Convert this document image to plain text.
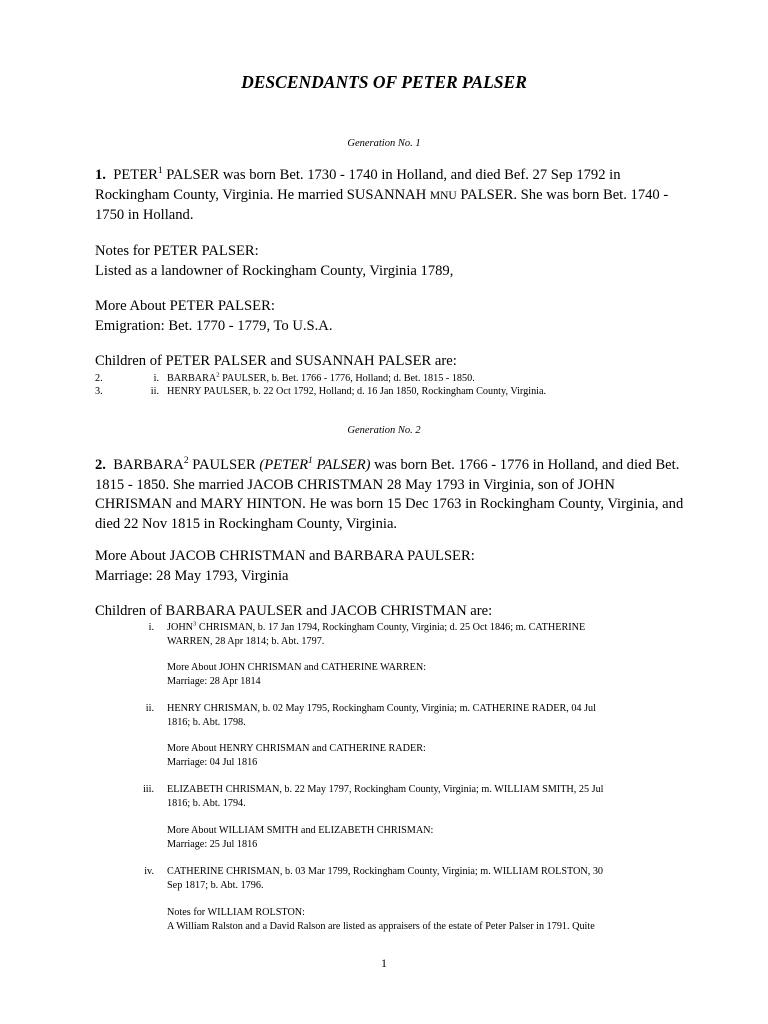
DESCENDANTS OF PETER PALSER
Generation No. 1
1. PETER$^1$ PALSER was born Bet. 1730 - 1740 in Holland, and died Bef. 27 Sep 1792 in Rockingham County, Virginia. He married SUSANNAH MNU PALSER. She was born Bet. 1740 - 1750 in Holland.
Notes for PETER PALSER:
Listed as a landowner of Rockingham County, Virginia 1789,
More About PETER PALSER:
Emigration: Bet. 1770 - 1779, To U.S.A.
Children of PETER PALSER and SUSANNAH PALSER are:
2.	i. BARBARA$^2$ PAULSER, b. Bet. 1766 - 1776, Holland; d. Bet. 1815 - 1850.
3.	ii. HENRY PAULSER, b. 22 Oct 1792, Holland; d. 16 Jan 1850, Rockingham County, Virginia.
Generation No. 2
2. BARBARA$^2$ PAULSER (PETER$^1$ PALSER) was born Bet. 1766 - 1776 in Holland, and died Bet. 1815 - 1850. She married JACOB CHRISTMAN 28 May 1793 in Virginia, son of JOHN CHRISMAN and MARY HINTON. He was born 15 Dec 1763 in Rockingham County, Virginia, and died 22 Nov 1815 in Rockingham County, Virginia.
More About JACOB CHRISTMAN and BARBARA PAULSER:
Marriage: 28 May 1793, Virginia
Children of BARBARA PAULSER and JACOB CHRISTMAN are:
i. JOHN$^3$ CHRISMAN, b. 17 Jan 1794, Rockingham County, Virginia; d. 25 Oct 1846; m. CATHERINE
WARREN, 28 Apr 1814; b. Abt. 1797.
More About JOHN CHRISMAN and CATHERINE WARREN:
Marriage: 28 Apr 1814
ii. HENRY CHRISMAN, b. 02 May 1795, Rockingham County, Virginia; m. CATHERINE RADER, 04 Jul
1816; b. Abt. 1798.
More About HENRY CHRISMAN and CATHERINE RADER:
Marriage: 04 Jul 1816
iii. ELIZABETH CHRISMAN, b. 22 May 1797, Rockingham County, Virginia; m. WILLIAM SMITH, 25 Jul
1816; b. Abt. 1794.
More About WILLIAM SMITH and ELIZABETH CHRISMAN:
Marriage: 25 Jul 1816
iv. CATHERINE CHRISMAN, b. 03 Mar 1799, Rockingham County, Virginia; m. WILLIAM ROLSTON, 30
Sep 1817; b. Abt. 1796.
Notes for WILLIAM ROLSTON:
A William Ralston and a David Ralson are listed as appraisers of the estate of Peter Palser in 1791. Quite
1
